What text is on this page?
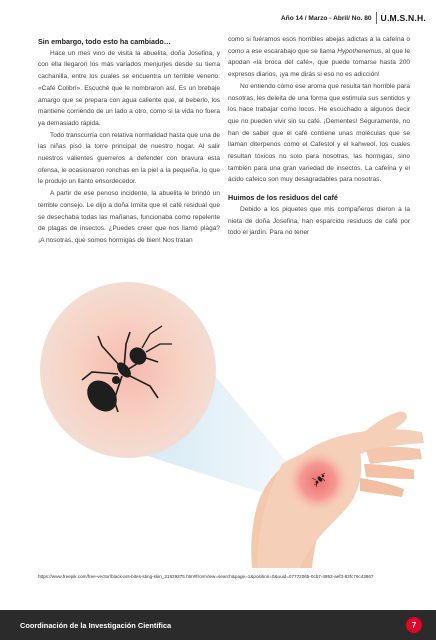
Año 14 / Marzo - Abril/ No. 80 U.M.S.N.H.
Sin embargo, todo esto ha cambiado…

Hace un mes vino de visita la abuelita, doña Josefina, y con ella llegaron los más variados menjurjes desde su tierra cachanilla, entre los cuales se encuentra un terrible veneno: «Café Colibrí». Escuché que le nombraron así. Es un brebaje amargo que se prepara con agua caliente que, al beberlo, los mantiene corriendo de un lado a otro, como si la vida no fuera ya demasiado rápida.

Todo transcurría con relativa normalidad hasta que una de las niñas pisó la torre principal de nuestro hogar. Al salir nuestros valientes guerreros a defender con bravura esta ofensa, le ocasionaron ronchas en la piel a la pequeña, lo que le produjo un llanto ensordecedor.

A partir de ese penoso incidente, la abuelita le brindó un terrible consejo. Le dijo a doña Irmita que el café residual que se desechaba todas las mañanas, funcionaba como repelente de plagas de insectos. ¿Puedes creer que nos llamó plaga? ¡A nosotras, que somos hormigas de bien! Nos tratan

como si fuéramos esos horribles abejas adictas a la cafeína o como a ese escarabajo que se llama Hypothenemus, al que le apodan «la broca del café», que puede tomarse hasta 200 expresos diarios, ¡ya me dirás si eso no es adicción!

No entiendo cómo ese aroma que resulta tan horrible para nosotras, les deleita de una forma que estimula sus sentidos y los hace trabajar como locos. He escuchado a algunos decir que no pueden vivir sin su café. ¡Dementes! Seguramente, no han de saber que el café contiene unas moléculas que se llaman diterpenos como el Cafestol y el kahweol, los cuales resultan tóxicos no solo para nosotras, las hormigas, sino también para una gran variedad de insectos. La cafeína y el ácido cafeico son muy desagradables para nosotras.

Huimos de los residuos del café

Debido a los piquetes que mis compañeros dieron a la nieta de doña Josefina, han esparcido residuos de café por todo el jardín. Para no tener

https://www.freepik.com/free-vector/black-ant-bites-sting-skin_31829375.htm#fromView=search&page=1&position=0&uuid=07772065-0cb7-4953-aef3-83fc76c43867
Coordinación de la Investigación Científica	7
